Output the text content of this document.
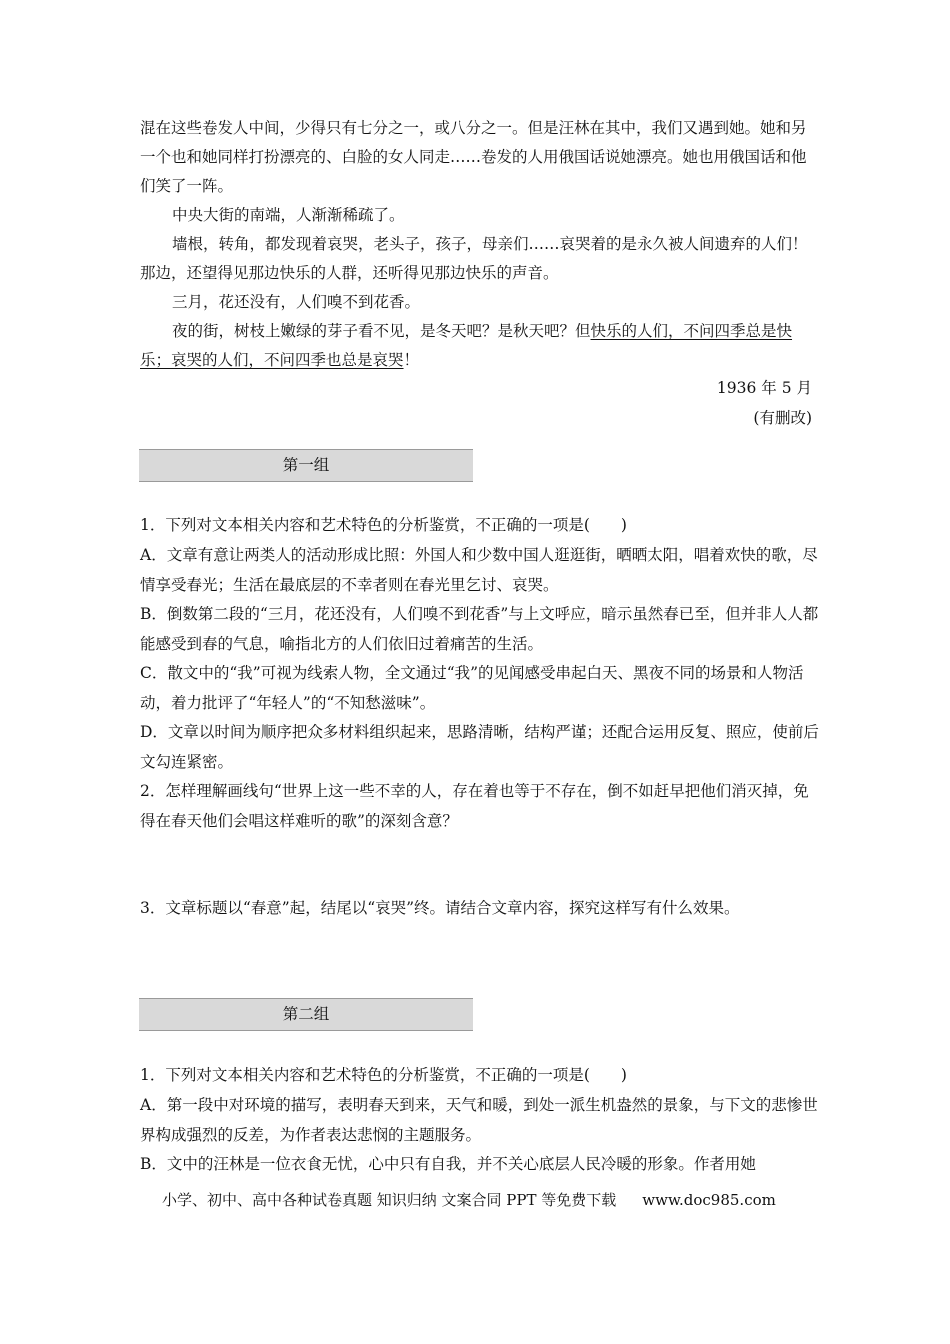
混在这些卷发人中间，少得只有七分之一，或八分之一。但是汪林在其中，我们又遇到她。她和另一个也和她同样打扮漂亮的、白脸的女人同走……卷发的人用俄国话说她漂亮。她也用俄国话和他们笑了一阵。

中央大街的南端，人渐渐稀疏了。

墙根，转角，都发现着哀哭，老头子，孩子，母亲们……哀哭着的是永久被人间遗弃的人们！那边，还望得见那边快乐的人群，还听得见那边快乐的声音。

三月，花还没有，人们嗅不到花香。

夜的街，树枝上嫩绿的芽子看不见，是冬天吧？是秋天吧？但快乐的人们，不问四季总是快乐；哀哭的人们，不问四季也总是哀哭！

1936 年 5 月
(有删改)
第一组

1．下列对文本相关内容和艺术特色的分析鉴赏，不正确的一项是(　　)

A．文章有意让两类人的活动形成比照：外国人和少数中国人逛逛街，晒晒太阳，唱着欢快的歌，尽情享受春光；生活在最底层的不幸者则在春光里乞讨、哀哭。

B．倒数第二段的“三月，花还没有，人们嗅不到花香”与上文呼应，暗示虽然春已至，但并非人人都能感受到春的气息，喻指北方的人们依旧过着痛苦的生活。

C．散文中的“我”可视为线索人物，全文通过“我”的见闻感受串起白天、黑夜不同的场景和人物活动，着力批评了“年轻人”的“不知愁滋味”。

D．文章以时间为顺序把众多材料组织起来，思路清晰，结构严谨；还配合运用反复、照应，使前后文勾连紧密。

2．怎样理解画线句“世界上这一些不幸的人，存在着也等于不存在，倒不如赶早把他们消灭掉，免得在春天他们会唱这样难听的歌”的深刻含意？

3．文章标题以“春意”起，结尾以“哀哭”终。请结合文章内容，探究这样写有什么效果。

第二组

1．下列对文本相关内容和艺术特色的分析鉴赏，不正确的一项是(　　)

A．第一段中对环境的描写，表明春天到来，天气和暖，到处一派生机盎然的景象，与下文的悲惨世界构成强烈的反差，为作者表达悲悯的主题服务。

B．文中的汪林是一位衣食无忧，心中只有自我，并不关心底层人民冷暖的形象。作者用她

小学、初中、高中各种试卷真题 知识归纳 文案合同 PPT 等免费下载 www.doc985.com
